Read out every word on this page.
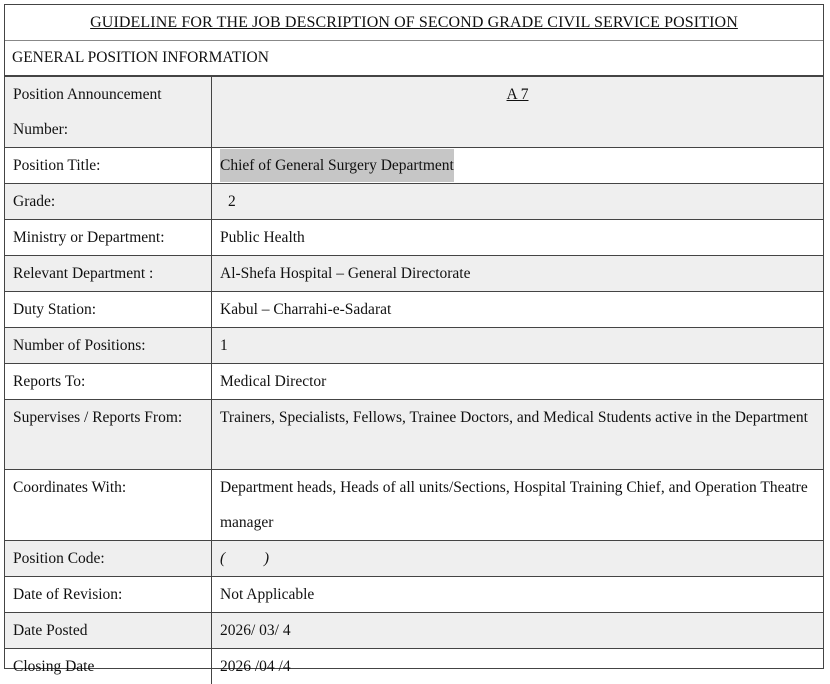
GUIDELINE FOR THE JOB DESCRIPTION OF SECOND GRADE CIVIL SERVICE POSITION
GENERAL POSITION INFORMATION
Position Announcement Number:	A 7
Position Title:	Chief of General Surgery Department
Grade:	2
Ministry or Department:	Public Health
Relevant Department :	Al-Shefa Hospital – General Directorate
Duty Station:	Kabul – Charrahi-e-Sadarat
Number of Positions:	1
Reports To:	Medical Director
Supervises / Reports From:	Trainers, Specialists, Fellows, Trainee Doctors, and Medical Students active in the Department
Coordinates With:	Department heads, Heads of all units/Sections, Hospital Training Chief, and Operation Theatre manager
Position Code:	(          )
Date of Revision:	Not Applicable
Date Posted	2026/ 03/ 4
Closing Date	2026 /04 /4
